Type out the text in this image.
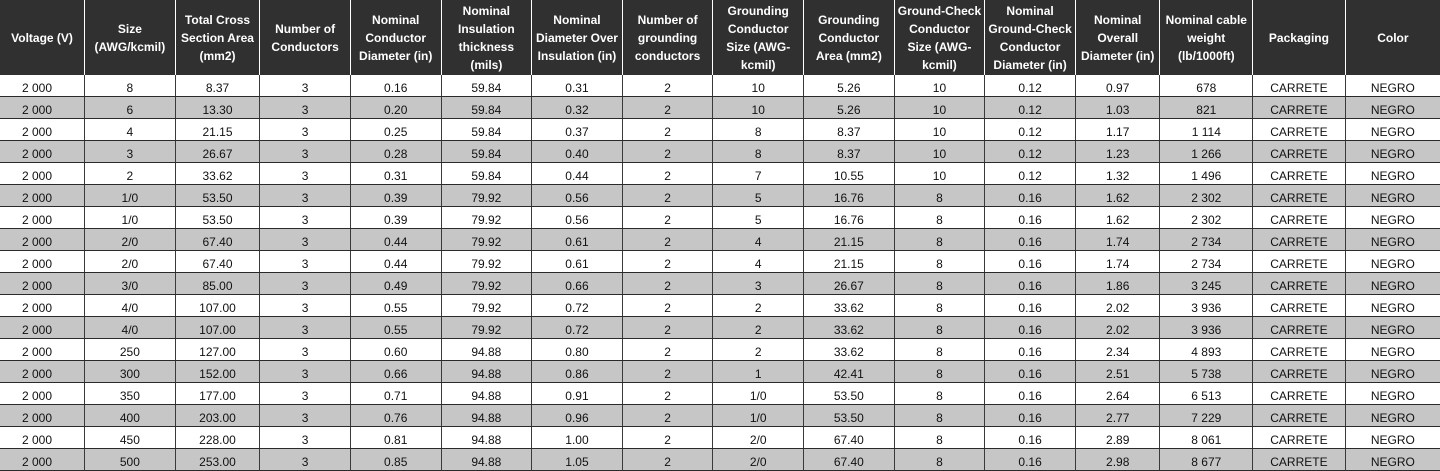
Voltage (V)	Size (AWG/kcmil)	Total Cross Section Area (mm2)	Number of Conductors	Nominal Conductor Diameter (in)	Nominal Insulation thickness (mils)	Nominal Diameter Over Insulation (in)	Number of grounding conductors	Grounding Conductor Size (AWG-kcmil)	Grounding Conductor Area (mm2)	Ground-Check Conductor Size (AWG-kcmil)	Nominal Ground-Check Conductor Diameter (in)	Nominal Overall Diameter (in)	Nominal cable weight (lb/1000ft)	Packaging	Color
2 000	8	8.37	3	0.16	59.84	0.31	2	10	5.26	10	0.12	0.97	678	CARRETE	NEGRO
2 000	6	13.30	3	0.20	59.84	0.32	2	10	5.26	10	0.12	1.03	821	CARRETE	NEGRO
2 000	4	21.15	3	0.25	59.84	0.37	2	8	8.37	10	0.12	1.17	1 114	CARRETE	NEGRO
2 000	3	26.67	3	0.28	59.84	0.40	2	8	8.37	10	0.12	1.23	1 266	CARRETE	NEGRO
2 000	2	33.62	3	0.31	59.84	0.44	2	7	10.55	10	0.12	1.32	1 496	CARRETE	NEGRO
2 000	1/0	53.50	3	0.39	79.92	0.56	2	5	16.76	8	0.16	1.62	2 302	CARRETE	NEGRO
2 000	1/0	53.50	3	0.39	79.92	0.56	2	5	16.76	8	0.16	1.62	2 302	CARRETE	NEGRO
2 000	2/0	67.40	3	0.44	79.92	0.61	2	4	21.15	8	0.16	1.74	2 734	CARRETE	NEGRO
2 000	2/0	67.40	3	0.44	79.92	0.61	2	4	21.15	8	0.16	1.74	2 734	CARRETE	NEGRO
2 000	3/0	85.00	3	0.49	79.92	0.66	2	3	26.67	8	0.16	1.86	3 245	CARRETE	NEGRO
2 000	4/0	107.00	3	0.55	79.92	0.72	2	2	33.62	8	0.16	2.02	3 936	CARRETE	NEGRO
2 000	4/0	107.00	3	0.55	79.92	0.72	2	2	33.62	8	0.16	2.02	3 936	CARRETE	NEGRO
2 000	250	127.00	3	0.60	94.88	0.80	2	2	33.62	8	0.16	2.34	4 893	CARRETE	NEGRO
2 000	300	152.00	3	0.66	94.88	0.86	2	1	42.41	8	0.16	2.51	5 738	CARRETE	NEGRO
2 000	350	177.00	3	0.71	94.88	0.91	2	1/0	53.50	8	0.16	2.64	6 513	CARRETE	NEGRO
2 000	400	203.00	3	0.76	94.88	0.96	2	1/0	53.50	8	0.16	2.77	7 229	CARRETE	NEGRO
2 000	450	228.00	3	0.81	94.88	1.00	2	2/0	67.40	8	0.16	2.89	8 061	CARRETE	NEGRO
2 000	500	253.00	3	0.85	94.88	1.05	2	2/0	67.40	8	0.16	2.98	8 677	CARRETE	NEGRO
